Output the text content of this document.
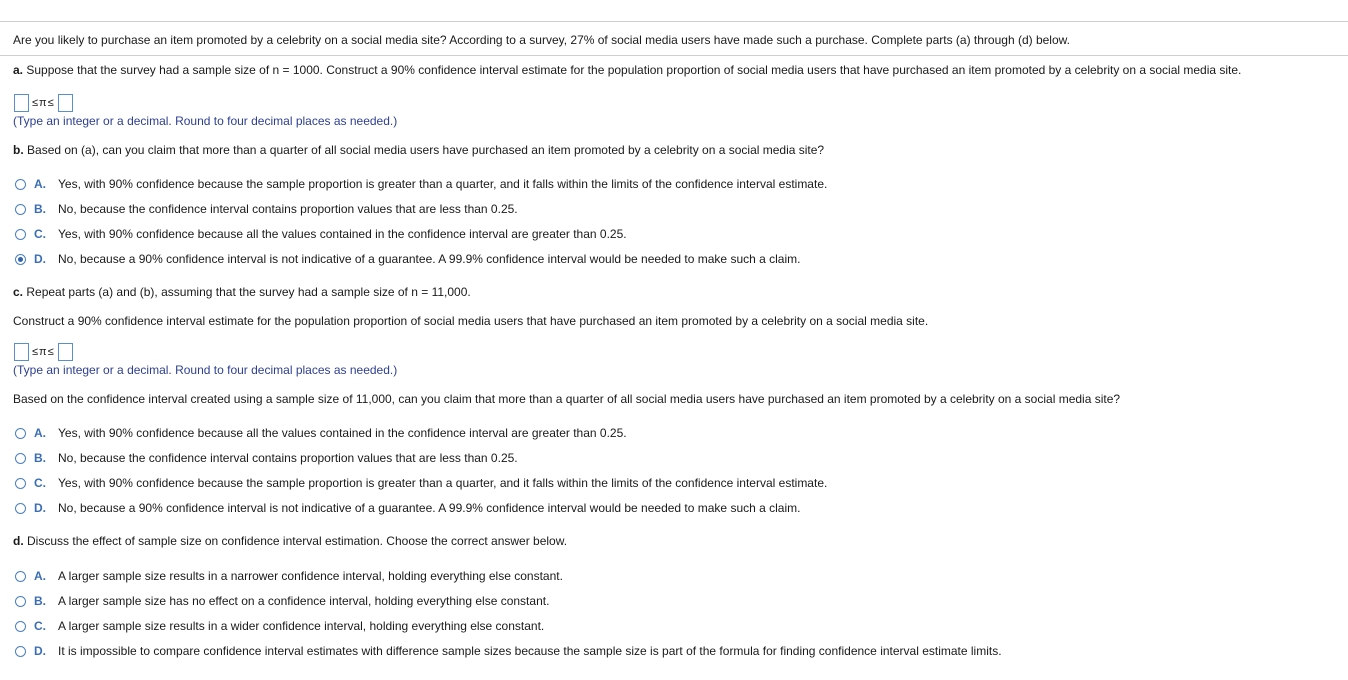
Are you likely to purchase an item promoted by a celebrity on a social media site? According to a survey, 27% of social media users have made such a purchase. Complete parts (a) through (d) below.
a. Suppose that the survey had a sample size of n = 1000. Construct a 90% confidence interval estimate for the population proportion of social media users that have purchased an item promoted by a celebrity on a social media site.
≤π≤
(Type an integer or a decimal. Round to four decimal places as needed.)
b. Based on (a), can you claim that more than a quarter of all social media users have purchased an item promoted by a celebrity on a social media site?
A.	Yes, with 90% confidence because the sample proportion is greater than a quarter, and it falls within the limits of the confidence interval estimate.
B.	No, because the confidence interval contains proportion values that are less than 0.25.
C.	Yes, with 90% confidence because all the values contained in the confidence interval are greater than 0.25.
D.	No, because a 90% confidence interval is not indicative of a guarantee. A 99.9% confidence interval would be needed to make such a claim.
c. Repeat parts (a) and (b), assuming that the survey had a sample size of n = 11,000.
Construct a 90% confidence interval estimate for the population proportion of social media users that have purchased an item promoted by a celebrity on a social media site.
≤π≤
(Type an integer or a decimal. Round to four decimal places as needed.)
Based on the confidence interval created using a sample size of 11,000, can you claim that more than a quarter of all social media users have purchased an item promoted by a celebrity on a social media site?
A.	Yes, with 90% confidence because all the values contained in the confidence interval are greater than 0.25.
B.	No, because the confidence interval contains proportion values that are less than 0.25.
C.	Yes, with 90% confidence because the sample proportion is greater than a quarter, and it falls within the limits of the confidence interval estimate.
D.	No, because a 90% confidence interval is not indicative of a guarantee. A 99.9% confidence interval would be needed to make such a claim.
d. Discuss the effect of sample size on confidence interval estimation. Choose the correct answer below.
A.	A larger sample size results in a narrower confidence interval, holding everything else constant.
B.	A larger sample size has no effect on a confidence interval, holding everything else constant.
C.	A larger sample size results in a wider confidence interval, holding everything else constant.
D.	It is impossible to compare confidence interval estimates with difference sample sizes because the sample size is part of the formula for finding confidence interval estimate limits.
